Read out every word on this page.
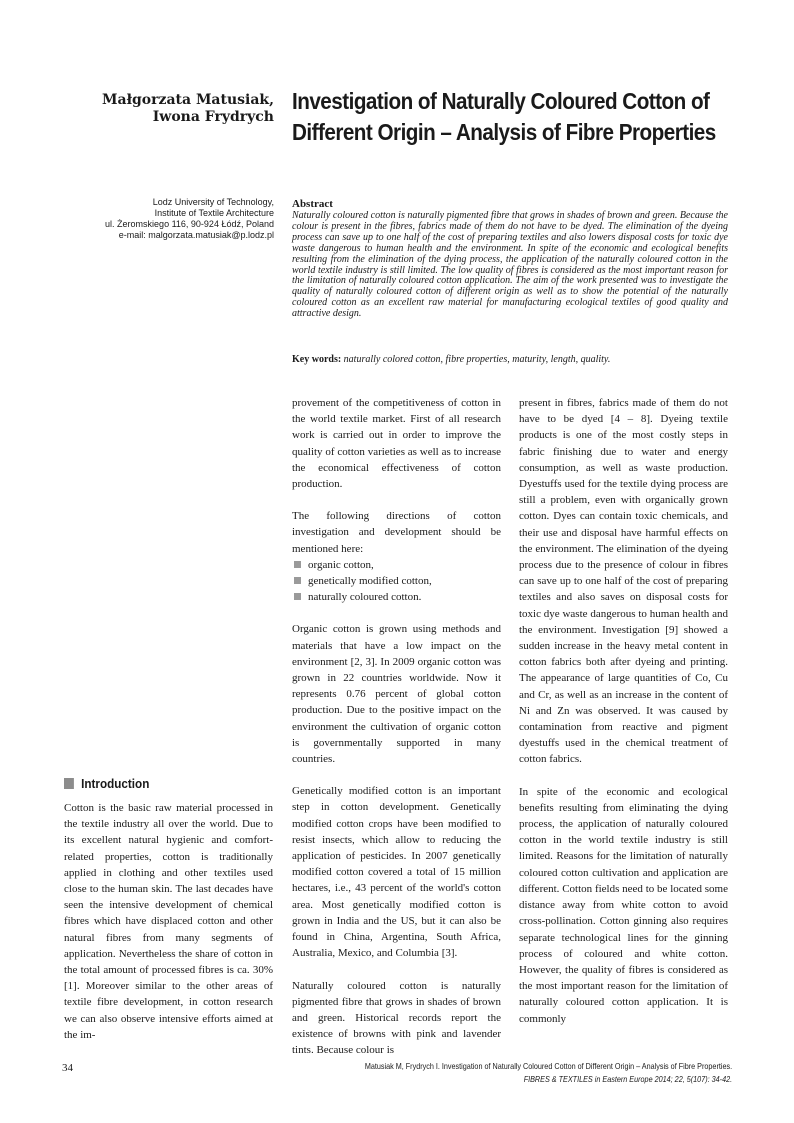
Małgorzata Matusiak,
Iwona Frydrych
Investigation of Naturally Coloured Cotton of Different Origin – Analysis of Fibre Properties
Lodz University of Technology,
Institute of Textile Architecture
ul. Żeromskiego 116, 90-924 Łódź, Poland
e-mail: malgorzata.matusiak@p.lodz.pl
Abstract
Naturally coloured cotton is naturally pigmented fibre that grows in shades of brown and green. Because the colour is present in the fibres, fabrics made of them do not have to be dyed. The elimination of the dyeing process can save up to one half of the cost of preparing textiles and also lowers disposal costs for toxic dye waste dangerous to human health and the environment. In spite of the economic and ecological benefits resulting from the elimination of the dying process, the application of the naturally coloured cotton in the world textile industry is still limited. The low quality of fibres is considered as the most important reason for the limitation of naturally coloured cotton application. The aim of the work presented was to investigate the quality of naturally coloured cotton of different origin as well as to show the potential of the naturally coloured cotton as an excellent raw material for manufacturing ecological textiles of good quality and attractive design.
Key words: naturally colored cotton, fibre properties, maturity, length, quality.
Introduction

Cotton is the basic raw material processed in the textile industry all over the world. Due to its excellent natural hygienic and comfort-related properties, cotton is traditionally applied in clothing and other textiles used close to the human skin. The last decades have seen the intensive development of chemical fibres which have displaced cotton and other natural fibres from many segments of application. Nevertheless the share of cotton in the total amount of processed fibres is ca. 30% [1]. Moreover similar to the other areas of textile fibre development, in cotton research we can also observe intensive efforts aimed at the im-

provement of the competitiveness of cotton in the world textile market. First of all research work is carried out in order to improve the quality of cotton varieties as well as to increase the economical effectiveness of cotton production.

The following directions of cotton investigation and development should be mentioned here:

organic cotton,
genetically modified cotton,
naturally coloured cotton.

Organic cotton is grown using methods and materials that have a low impact on the environment [2, 3]. In 2009 organic cotton was grown in 22 countries worldwide. Now it represents 0.76 percent of global cotton production. Due to the positive impact on the environment the cultivation of organic cotton is governmentally supported in many countries.

Genetically modified cotton is an important step in cotton development. Genetically modified cotton crops have been modified to resist insects, which allow to reducing the application of pesticides. In 2007 genetically modified cotton covered a total of 15 million hectares, i.e., 43 percent of the world's cotton area. Most genetically modified cotton is grown in India and the US, but it can also be found in China, Argentina, South Africa, Australia, Mexico, and Columbia [3].

Naturally coloured cotton is naturally pigmented fibre that grows in shades of brown and green. Historical records report the existence of browns with pink and lavender tints. Because colour is

present in fibres, fabrics made of them do not have to be dyed [4 – 8]. Dyeing textile products is one of the most costly steps in fabric finishing due to water and energy consumption, as well as waste production. Dyestuffs used for the textile dying process are still a problem, even with organically grown cotton. Dyes can contain toxic chemicals, and their use and disposal have harmful effects on the environment. The elimination of the dyeing process due to the presence of colour in fibres can save up to one half of the cost of preparing textiles and also saves on disposal costs for toxic dye waste dangerous to human health and the environment. Investigation [9] showed a sudden increase in the heavy metal content in cotton fabrics both after dyeing and printing. The appearance of large quantities of Co, Cu and Cr, as well as an increase in the content of Ni and Zn was observed. It was caused by contamination from reactive and pigment dyestuffs used in the chemical treatment of cotton fabrics.

In spite of the economic and ecological benefits resulting from eliminating the dying process, the application of naturally coloured cotton in the world textile industry is still limited. Reasons for the limitation of naturally coloured cotton cultivation and application are different. Cotton fields need to be located some distance away from white cotton to avoid cross-pollination. Cotton ginning also requires separate technological lines for the ginning process of coloured and white cotton. However, the quality of fibres is considered as the most important reason for the limitation of naturally coloured cotton application. It is commonly

34	Matusiak M, Frydrych I. Investigation of Naturally Coloured Cotton of Different Origin – Analysis of Fibre Properties.
FIBRES & TEXTILES in Eastern Europe 2014; 22, 5(107): 34-42.
